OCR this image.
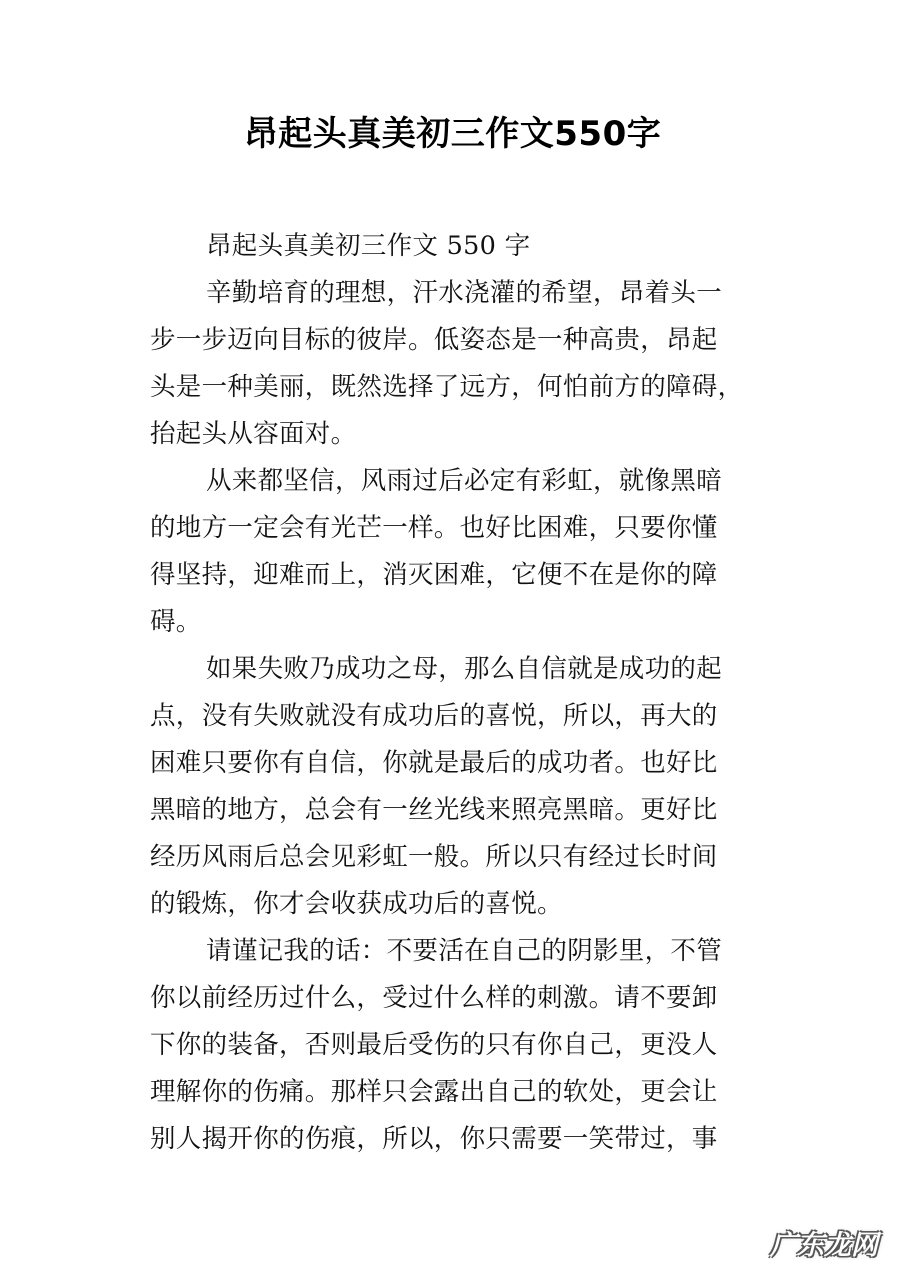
昂起头真美初三作文550字
昂起头真美初三作文 550 字
辛勤培育的理想，汗水浇灌的希望，昂着头一
步一步迈向目标的彼岸。低姿态是一种高贵，昂起
头是一种美丽，既然选择了远方，何怕前方的障碍，
抬起头从容面对。
从来都坚信，风雨过后必定有彩虹，就像黑暗
的地方一定会有光芒一样。也好比困难，只要你懂
得坚持，迎难而上，消灭困难，它便不在是你的障
碍。
如果失败乃成功之母，那么自信就是成功的起
点，没有失败就没有成功后的喜悦，所以，再大的
困难只要你有自信，你就是最后的成功者。也好比
黑暗的地方，总会有一丝光线来照亮黑暗。更好比
经历风雨后总会见彩虹一般。所以只有经过长时间
的锻炼，你才会收获成功后的喜悦。
请谨记我的话：不要活在自己的阴影里，不管
你以前经历过什么，受过什么样的刺激。请不要卸
下你的装备，否则最后受伤的只有你自己，更没人
理解你的伤痛。那样只会露出自己的软处，更会让
别人揭开你的伤痕，所以，你只需要一笑带过，事
广东龙网
